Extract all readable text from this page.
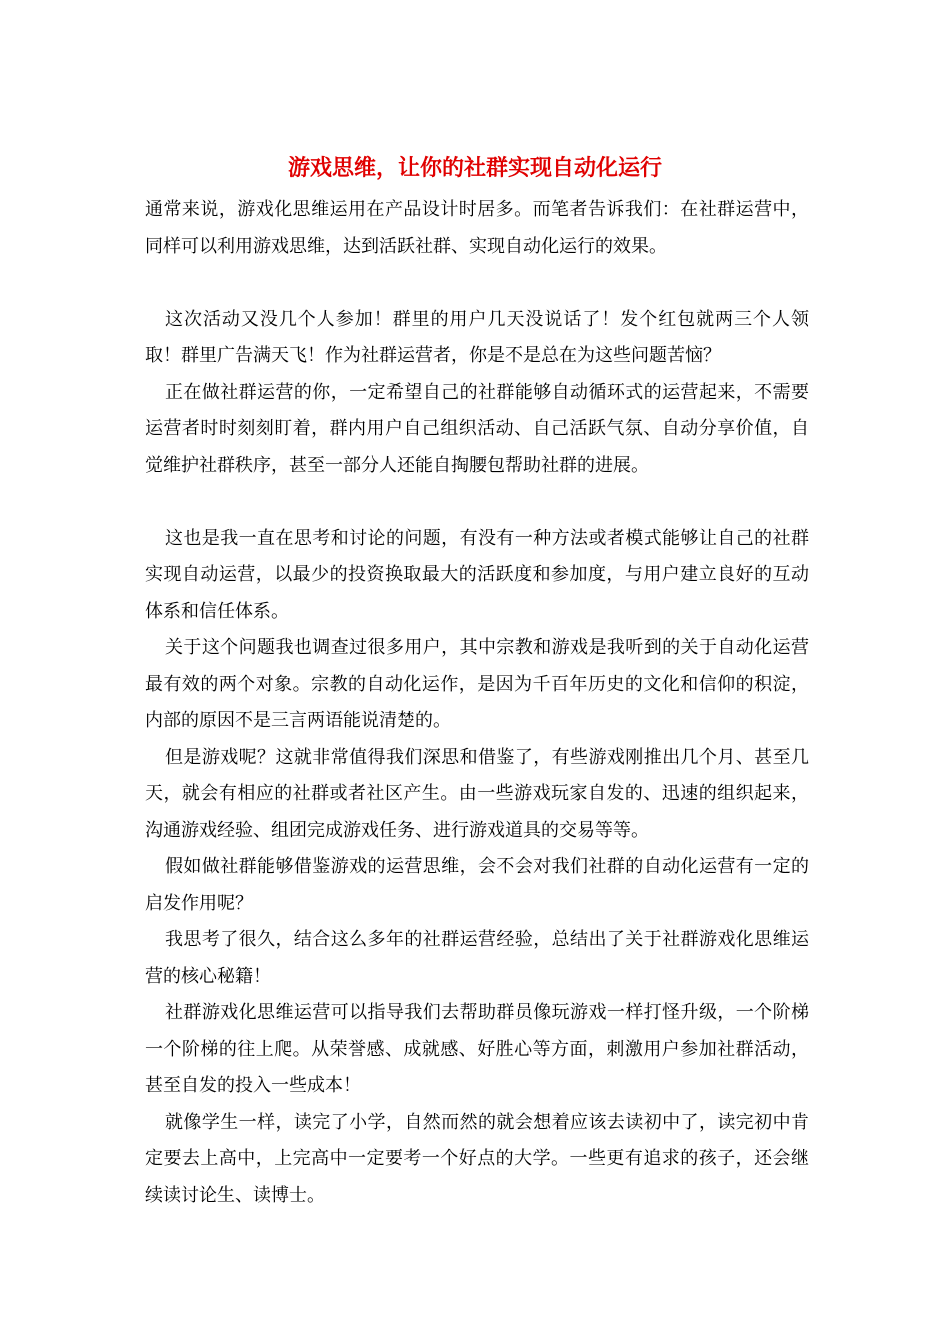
游戏思维，让你的社群实现自动化运行

通常来说，游戏化思维运用在产品设计时居多。而笔者告诉我们：在社群运营中，同样可以利用游戏思维，达到活跃社群、实现自动化运行的效果。

这次活动又没几个人参加！群里的用户几天没说话了！发个红包就两三个人领取！群里广告满天飞！作为社群运营者，你是不是总在为这些问题苦恼？

正在做社群运营的你，一定希望自己的社群能够自动循环式的运营起来，不需要运营者时时刻刻盯着，群内用户自己组织活动、自己活跃气氛、自动分享价值，自觉维护社群秩序，甚至一部分人还能自掏腰包帮助社群的进展。

这也是我一直在思考和讨论的问题，有没有一种方法或者模式能够让自己的社群实现自动运营，以最少的投资换取最大的活跃度和参加度，与用户建立良好的互动体系和信任体系。

关于这个问题我也调查过很多用户，其中宗教和游戏是我听到的关于自动化运营最有效的两个对象。宗教的自动化运作，是因为千百年历史的文化和信仰的积淀，内部的原因不是三言两语能说清楚的。

但是游戏呢？这就非常值得我们深思和借鉴了，有些游戏刚推出几个月、甚至几天，就会有相应的社群或者社区产生。由一些游戏玩家自发的、迅速的组织起来，沟通游戏经验、组团完成游戏任务、进行游戏道具的交易等等。

假如做社群能够借鉴游戏的运营思维，会不会对我们社群的自动化运营有一定的启发作用呢？

我思考了很久，结合这么多年的社群运营经验，总结出了关于社群游戏化思维运营的核心秘籍！

社群游戏化思维运营可以指导我们去帮助群员像玩游戏一样打怪升级，一个阶梯一个阶梯的往上爬。从荣誉感、成就感、好胜心等方面，刺激用户参加社群活动，甚至自发的投入一些成本！

就像学生一样，读完了小学，自然而然的就会想着应该去读初中了，读完初中肯定要去上高中，上完高中一定要考一个好点的大学。一些更有追求的孩子，还会继续读讨论生、读博士。
